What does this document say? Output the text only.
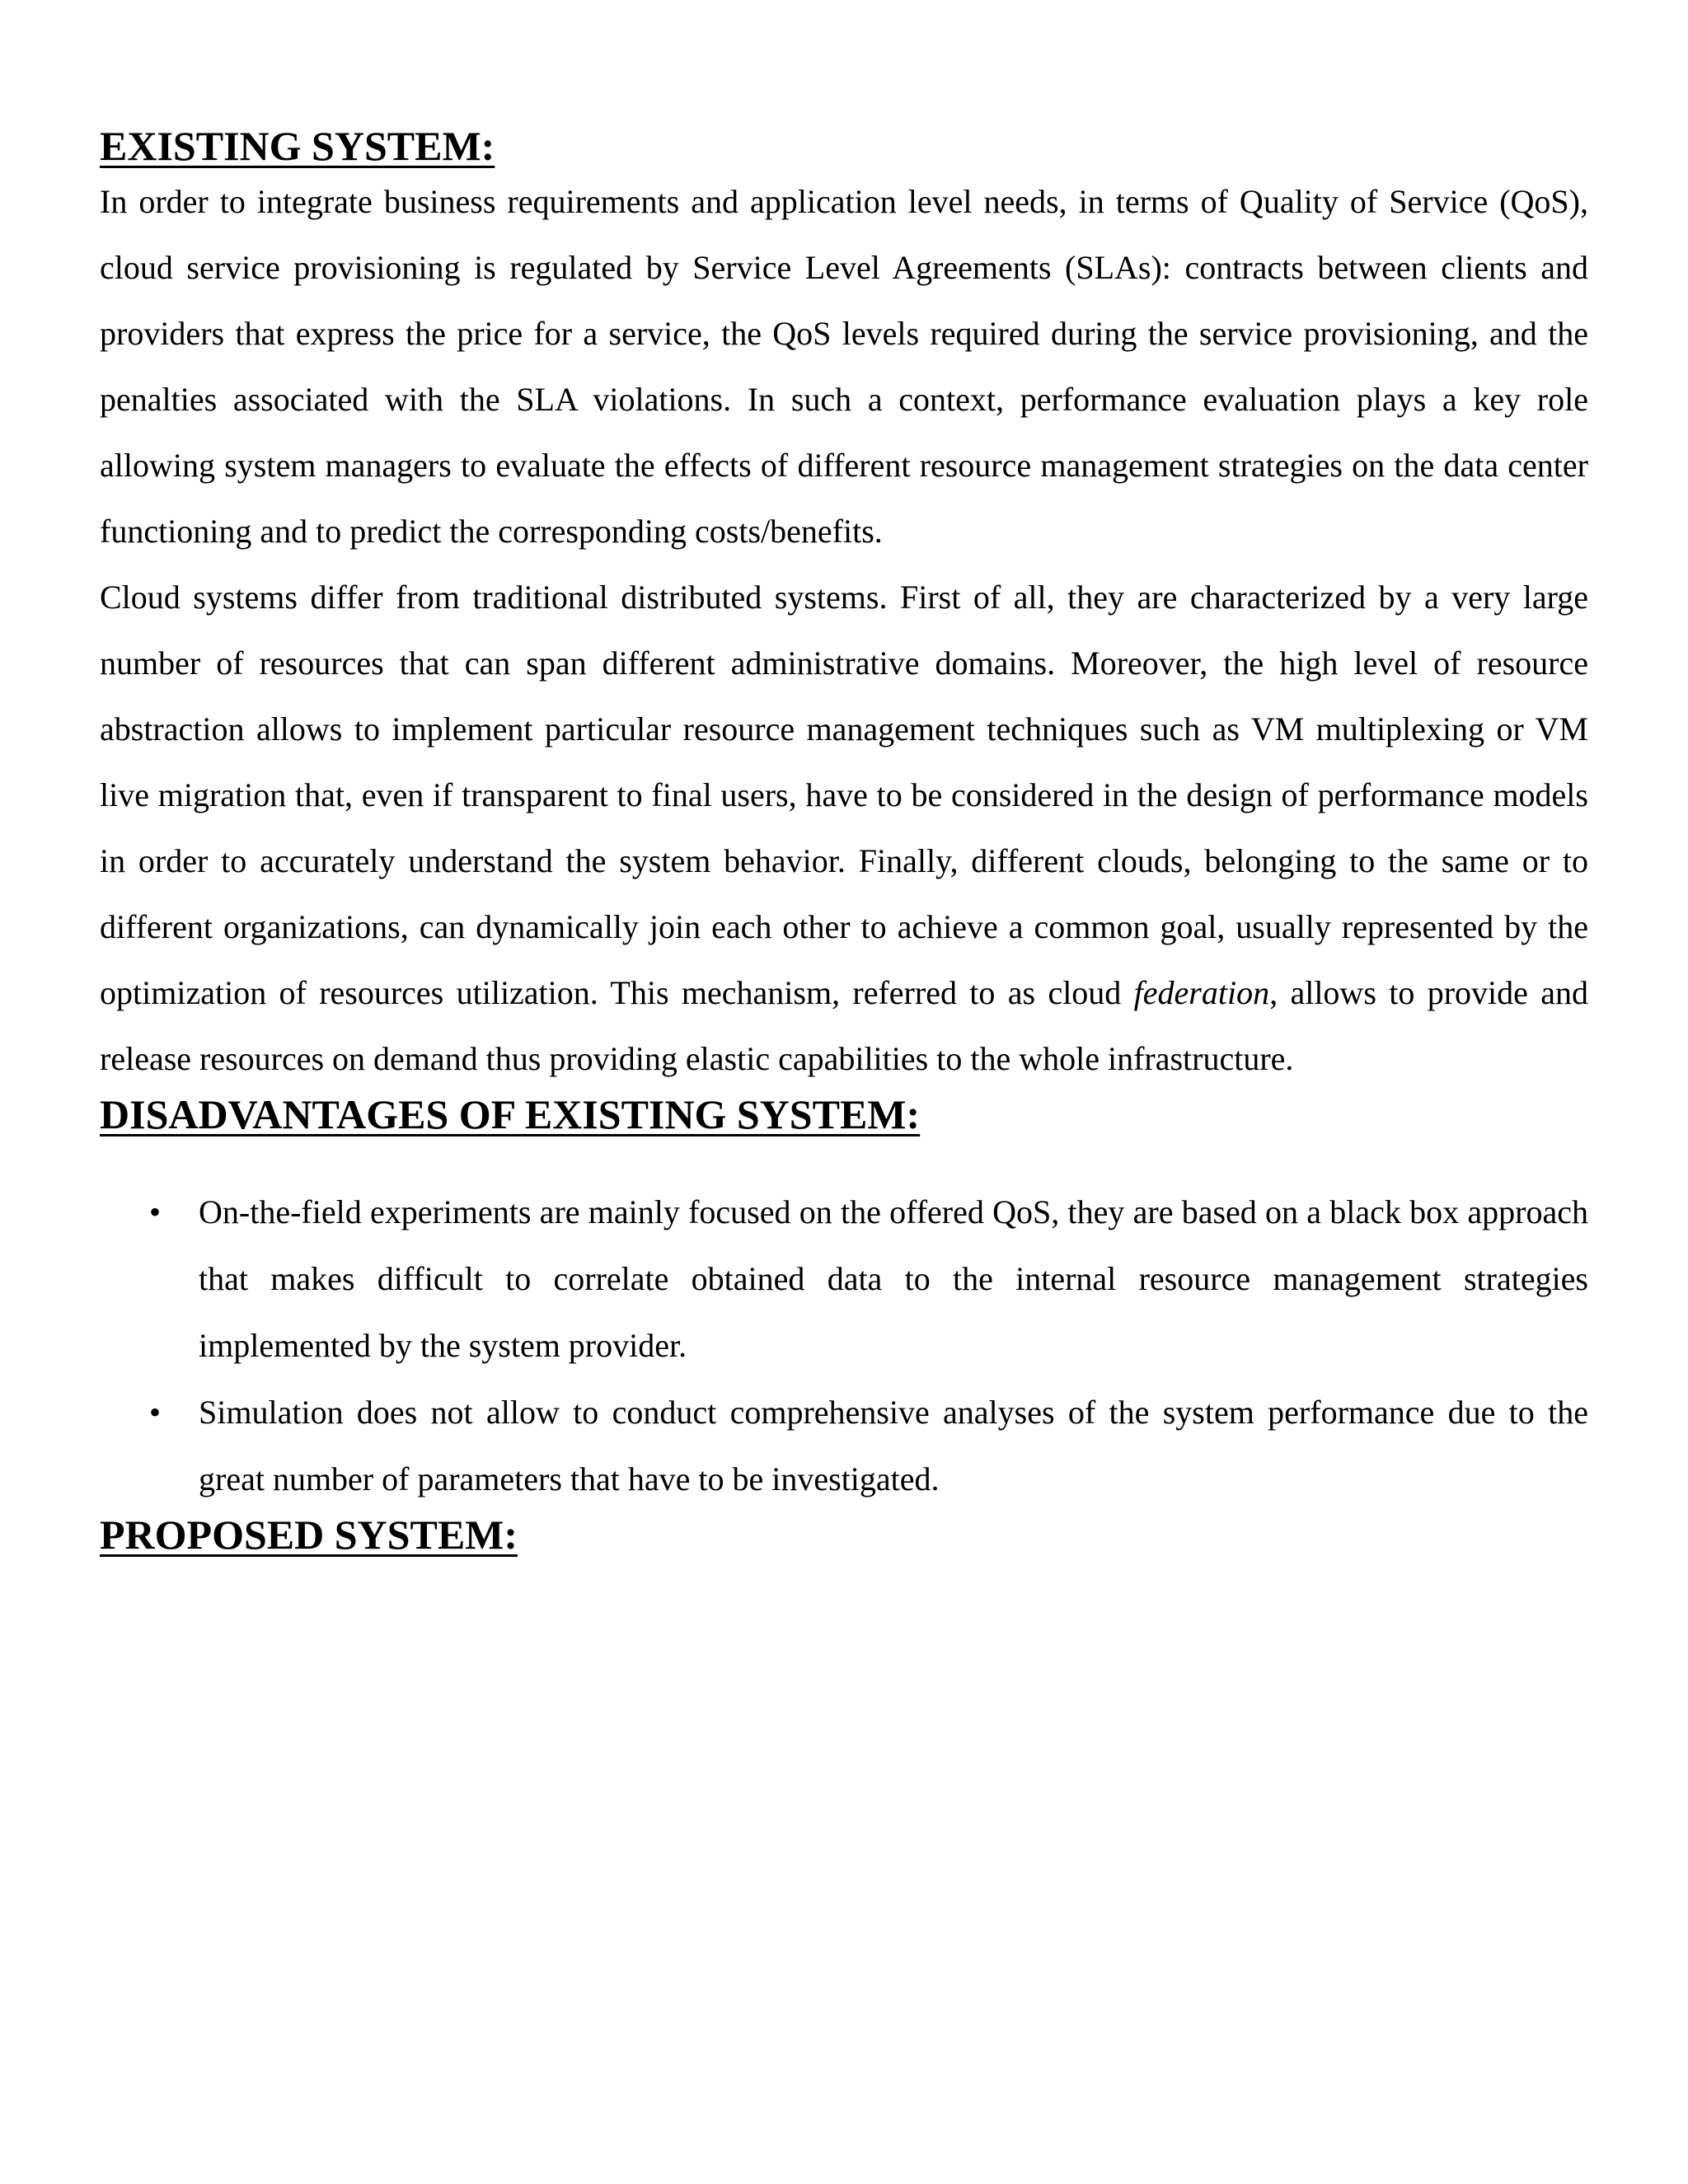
EXISTING SYSTEM:

In order to integrate business requirements and application level needs, in terms of Quality of Service (QoS), cloud service provisioning is regulated by Service Level Agreements (SLAs): contracts between clients and providers that express the price for a service, the QoS levels required during the service provisioning, and the penalties associated with the SLA violations. In such a context, performance evaluation plays a key role allowing system managers to evaluate the effects of different resource management strategies on the data center functioning and to predict the corresponding costs/benefits.

Cloud systems differ from traditional distributed systems. First of all, they are characterized by a very large number of resources that can span different administrative domains. Moreover, the high level of resource abstraction allows to implement particular resource management techniques such as VM multiplexing or VM live migration that, even if transparent to final users, have to be considered in the design of performance models in order to accurately understand the system behavior. Finally, different clouds, belonging to the same or to different organizations, can dynamically join each other to achieve a common goal, usually represented by the optimization of resources utilization. This mechanism, referred to as cloud federation, allows to provide and release resources on demand thus providing elastic capabilities to the whole infrastructure.

DISADVANTAGES OF EXISTING SYSTEM:
• On-the-field experiments are mainly focused on the offered QoS, they are based on a black box approach that makes difficult to correlate obtained data to the internal resource management strategies implemented by the system provider.
• Simulation does not allow to conduct comprehensive analyses of the system performance due to the great number of parameters that have to be investigated.
PROPOSED SYSTEM:
